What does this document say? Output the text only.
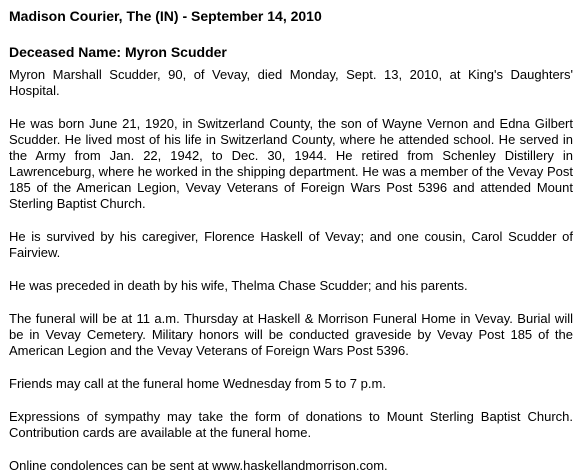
Madison Courier, The (IN) - September 14, 2010

Deceased Name: Myron Scudder

Myron Marshall Scudder, 90, of Vevay, died Monday, Sept. 13, 2010, at King's Daughters' Hospital.

He was born June 21, 1920, in Switzerland County, the son of Wayne Vernon and Edna Gilbert Scudder. He lived most of his life in Switzerland County, where he attended school. He served in the Army from Jan. 22, 1942, to Dec. 30, 1944. He retired from Schenley Distillery in Lawrenceburg, where he worked in the shipping department. He was a member of the Vevay Post 185 of the American Legion, Vevay Veterans of Foreign Wars Post 5396 and attended Mount Sterling Baptist Church.

He is survived by his caregiver, Florence Haskell of Vevay; and one cousin, Carol Scudder of Fairview.

He was preceded in death by his wife, Thelma Chase Scudder; and his parents.

The funeral will be at 11 a.m. Thursday at Haskell & Morrison Funeral Home in Vevay. Burial will be in Vevay Cemetery. Military honors will be conducted graveside by Vevay Post 185 of the American Legion and the Vevay Veterans of Foreign Wars Post 5396.

Friends may call at the funeral home Wednesday from 5 to 7 p.m.

Expressions of sympathy may take the form of donations to Mount Sterling Baptist Church. Contribution cards are available at the funeral home.

Online condolences can be sent at www.haskellandmorrison.com.
